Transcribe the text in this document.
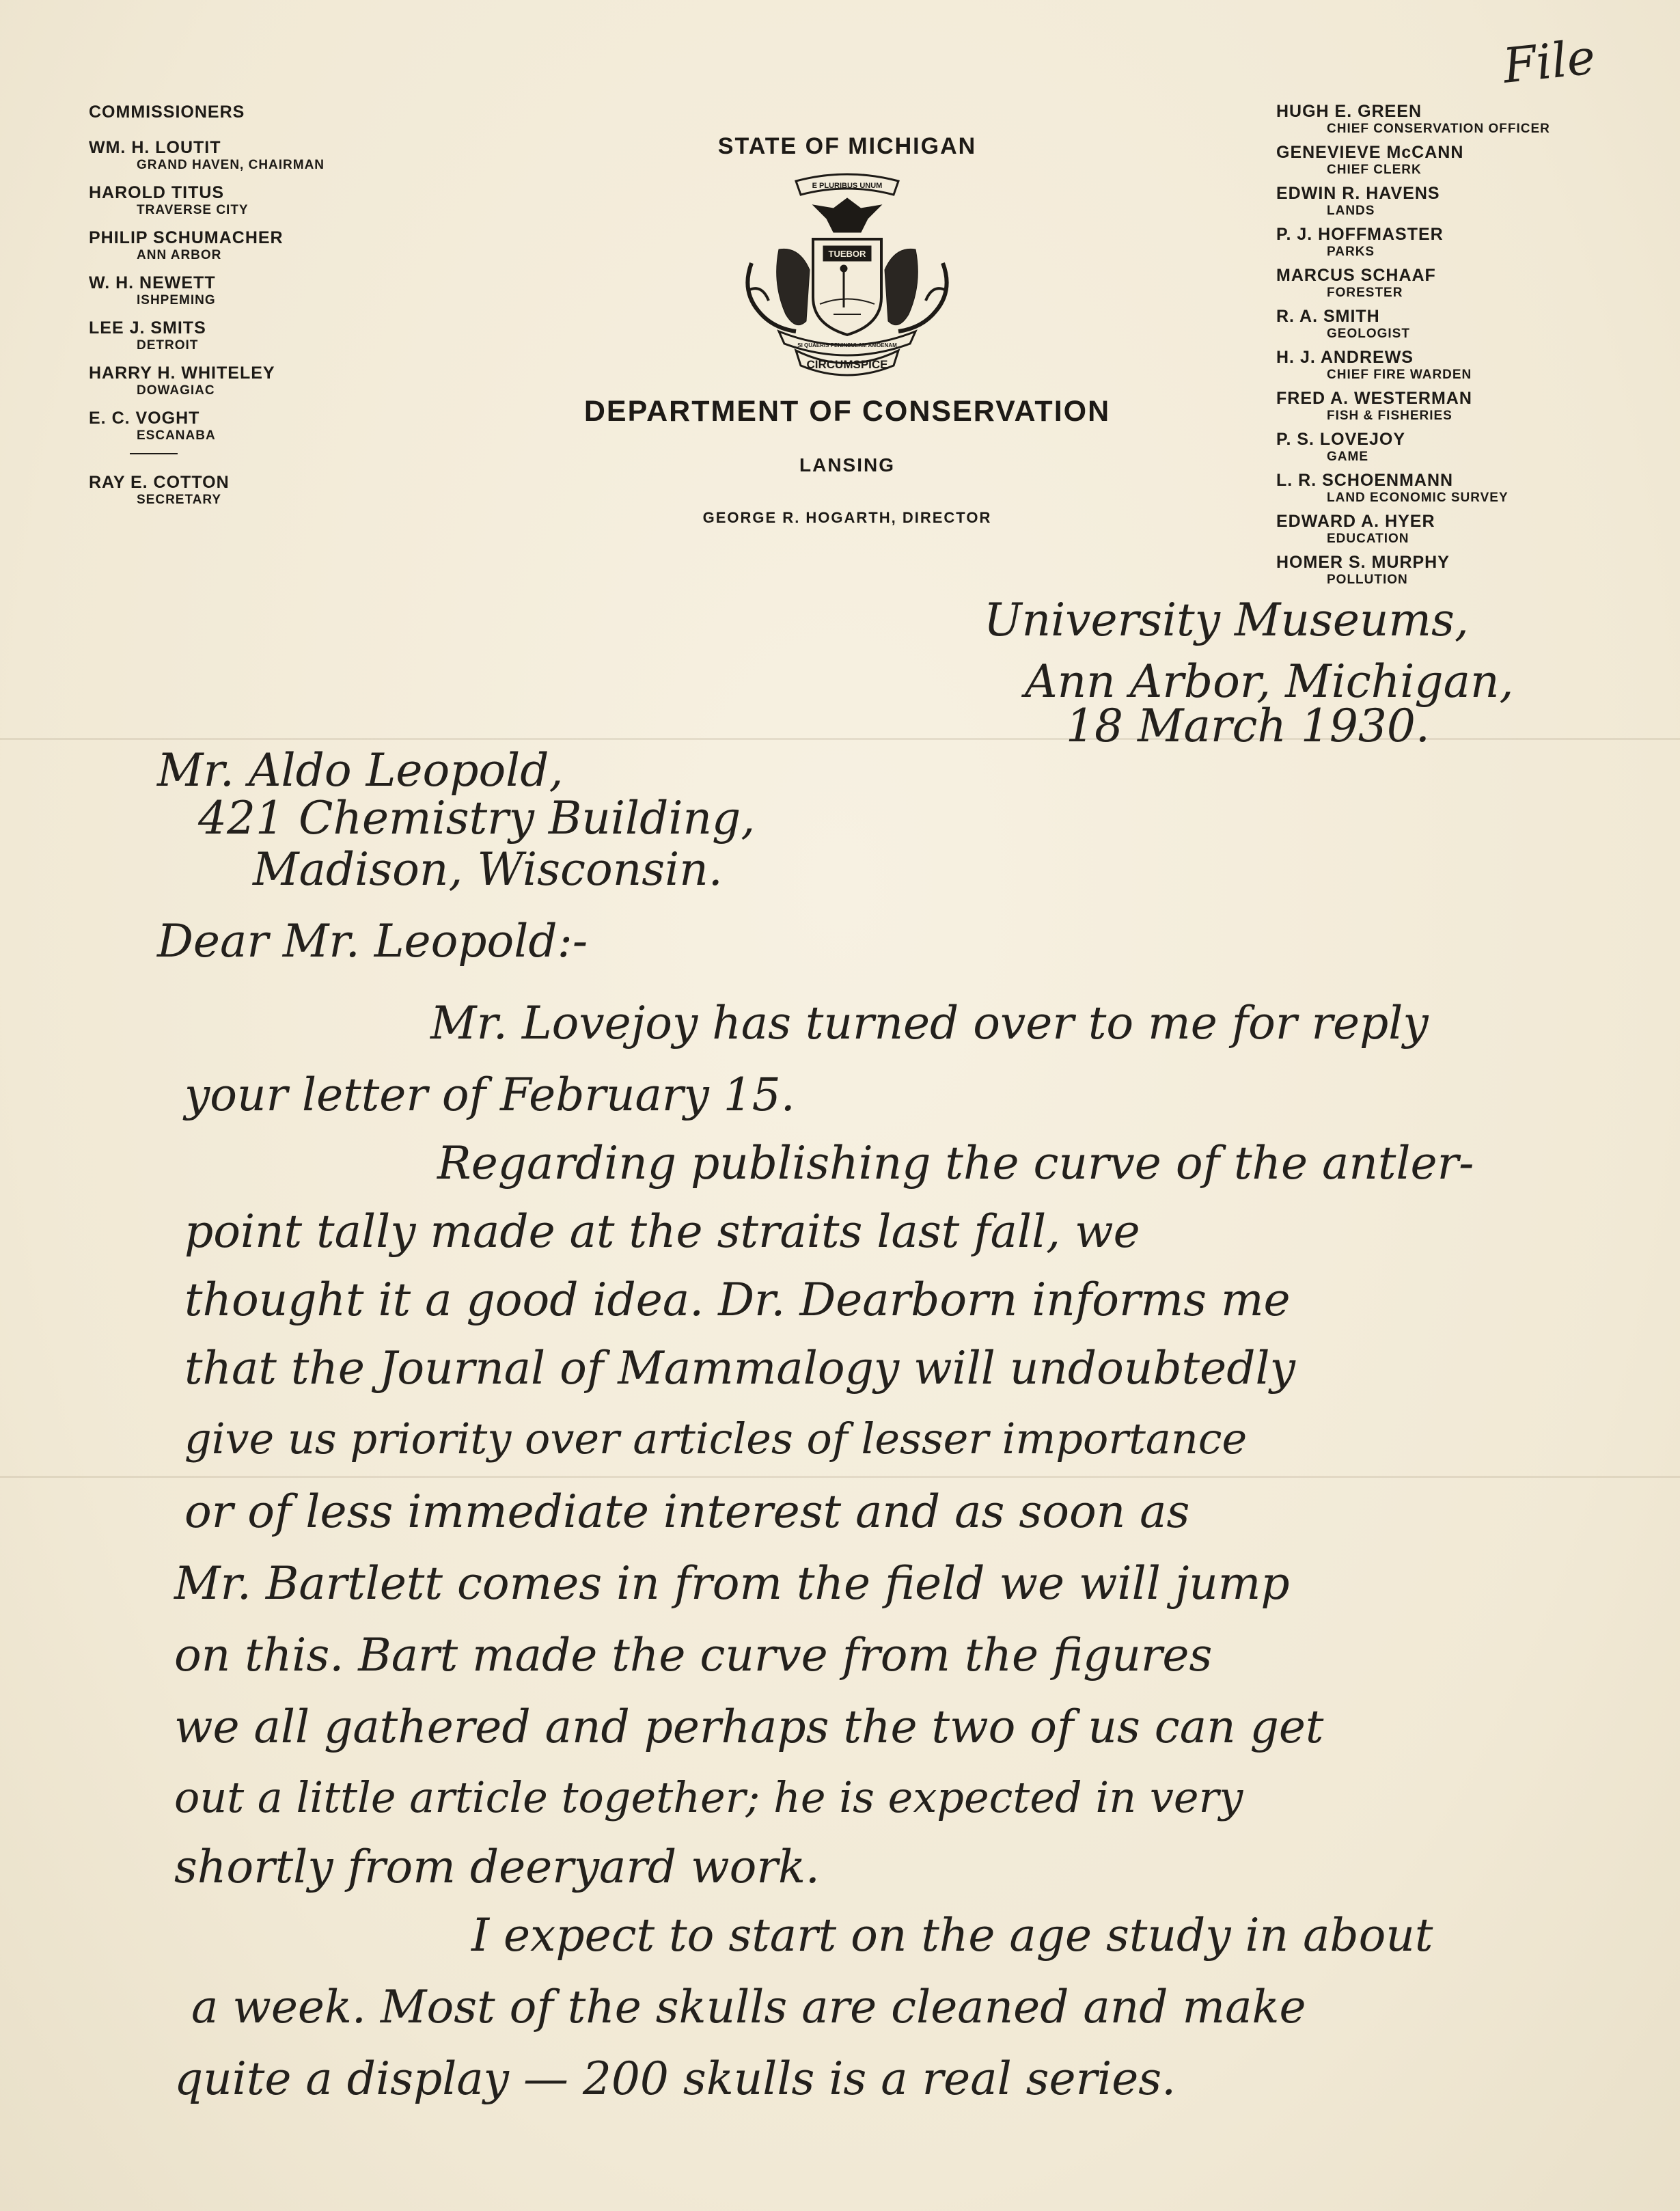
File
COMMISSIONERS
WM. H. LOUTIT
GRAND HAVEN, CHAIRMAN
HAROLD TITUS
TRAVERSE CITY
PHILIP SCHUMACHER
ANN ARBOR
W. H. NEWETT
ISHPEMING
LEE J. SMITS
DETROIT
HARRY H. WHITELEY
DOWAGIAC
E. C. VOGHT
ESCANABA
RAY E. COTTON
SECRETARY
STATE OF MICHIGAN
E PLURIBUS UNUM
TUEBOR
SI QUAERIS PENINSULAM AMOENAM
CIRCUMSPICE
DEPARTMENT OF CONSERVATION
LANSING
GEORGE R. HOGARTH, DIRECTOR
HUGH E. GREEN
CHIEF CONSERVATION OFFICER
GENEVIEVE McCANN
CHIEF CLERK
EDWIN R. HAVENS
LANDS
P. J. HOFFMASTER
PARKS
MARCUS SCHAAF
FORESTER
R. A. SMITH
GEOLOGIST
H. J. ANDREWS
CHIEF FIRE WARDEN
FRED A. WESTERMAN
FISH & FISHERIES
P. S. LOVEJOY
GAME
L. R. SCHOENMANN
LAND ECONOMIC SURVEY
EDWARD A. HYER
EDUCATION
HOMER S. MURPHY
POLLUTION
University Museums,
Ann Arbor, Michigan,
18 March 1930.
Mr. Aldo Leopold,
421 Chemistry Building,
Madison, Wisconsin.
Dear Mr. Leopold:-
Mr. Lovejoy has turned over to me for reply
your letter of February 15.
Regarding publishing the curve of the antler-
point tally made at the straits last fall, we
thought it a good idea. Dr. Dearborn informs me
that the Journal of Mammalogy will undoubtedly
give us priority over articles of lesser importance
or of less immediate interest and as soon as
Mr. Bartlett comes in from the field we will jump
on this. Bart made the curve from the figures
we all gathered and perhaps the two of us can get
out a little article together; he is expected in very
shortly from deeryard work.
I expect to start on the age study in about
a week. Most of the skulls are cleaned and make
quite a display — 200 skulls is a real series.
